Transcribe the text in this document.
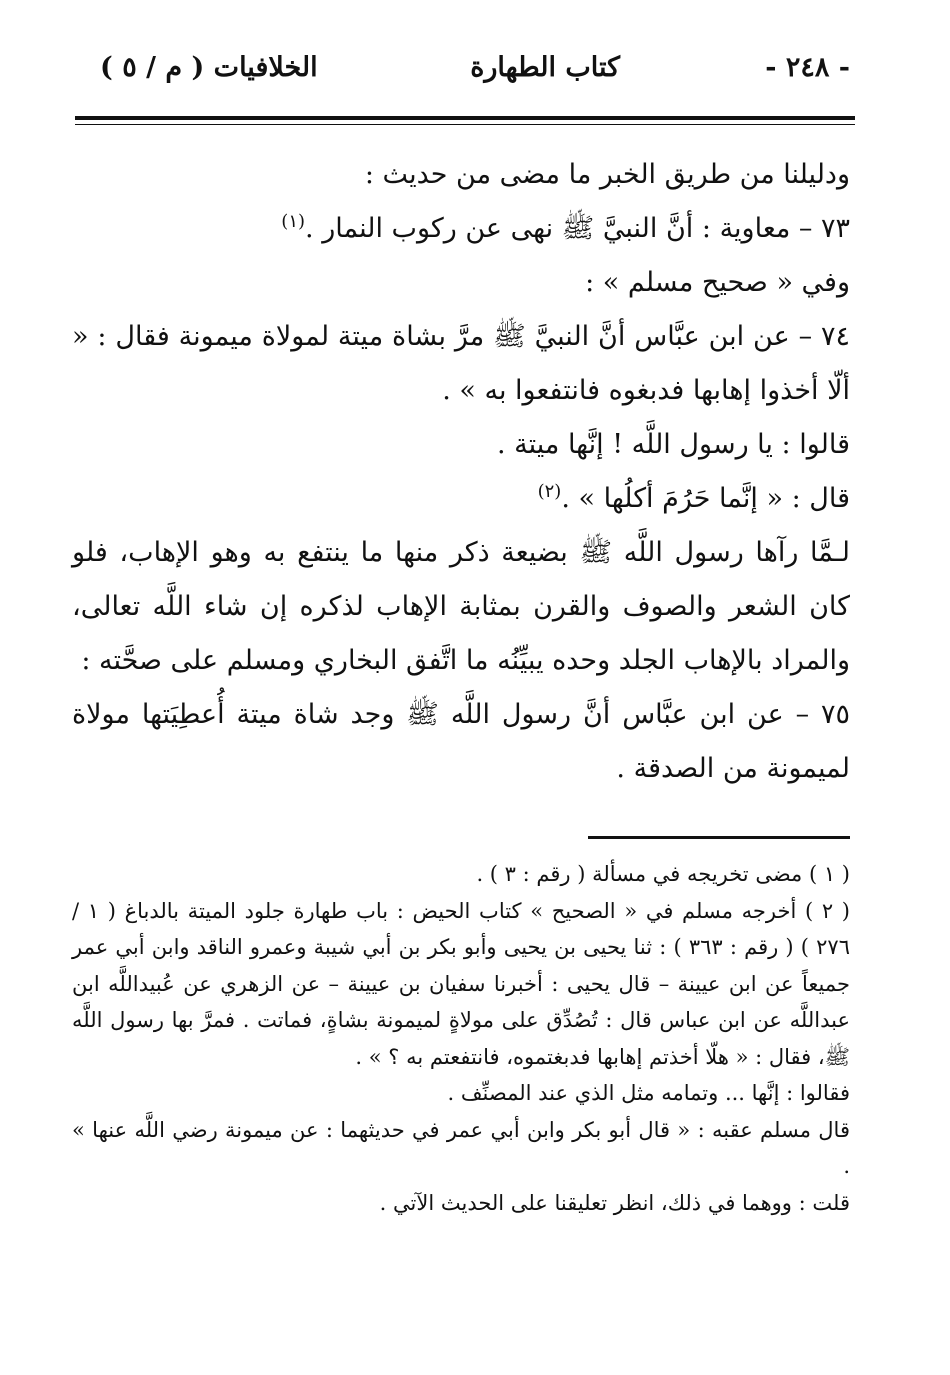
- ٢٤٨ -
كتاب الطهارة
الخلافيات ( م / ٥ )

ودليلنا من طريق الخبر ما مضى من حديث :

٧٣ – معاوية : أنَّ النبيَّ ﷺ نهى عن ركوب النمار .$^{(١)}$

وفي « صحيح مسلم » :

٧٤ – عن ابن عبَّاس أنَّ النبيَّ ﷺ مرَّ بشاة ميتة لمولاة ميمونة فقال : « ألّا أخذوا إهابها فدبغوه فانتفعوا به » .

قالوا : يا رسول اللَّه ! إنَّها ميتة .

قال : « إنَّما حَرُمَ أكلُها » .$^{(٢)}$

لـمَّا رآها رسول اللَّه ﷺ بضيعة ذكر منها ما ينتفع به وهو الإهاب، فلو كان الشعر والصوف والقرن بمثابة الإهاب لذكره إن شاء اللَّه تعالى، والمراد بالإهاب الجلد وحده يبيِّنُه ما اتَّفق البخاري ومسلم على صحَّته :

٧٥ – عن ابن عبَّاس أنَّ رسول اللَّه ﷺ وجد شاة ميتة أُعطِيَتها مولاة لميمونة من الصدقة .

( ١ ) مضى تخريجه في مسألة ( رقم : ٣ ) .

( ٢ ) أخرجه مسلم في « الصحيح » كتاب الحيض : باب طهارة جلود الميتة بالدباغ ( ١ / ٢٧٦ ) ( رقم : ٣٦٣ ) : ثنا يحيى بن يحيى وأبو بكر بن أبي شيبة وعمرو الناقد وابن أبي عمر جميعاً عن ابن عيينة – قال يحيى : أخبرنا سفيان بن عيينة – عن الزهري عن عُبيداللَّه ابن عبداللَّه عن ابن عباس قال : تُصُدِّق على مولاةٍ لميمونة بشاةٍ، فماتت . فمرَّ بها رسول اللَّه ﷺ، فقال : « هلّا أخذتم إهابها فدبغتموه، فانتفعتم به ؟ » .

فقالوا : إنَّها ... وتمامه مثل الذي عند المصنِّف .

قال مسلم عقبه : « قال أبو بكر وابن أبي عمر في حديثهما : عن ميمونة رضي اللَّه عنها » .

قلت : ووهما في ذلك، انظر تعليقنا على الحديث الآتي .
